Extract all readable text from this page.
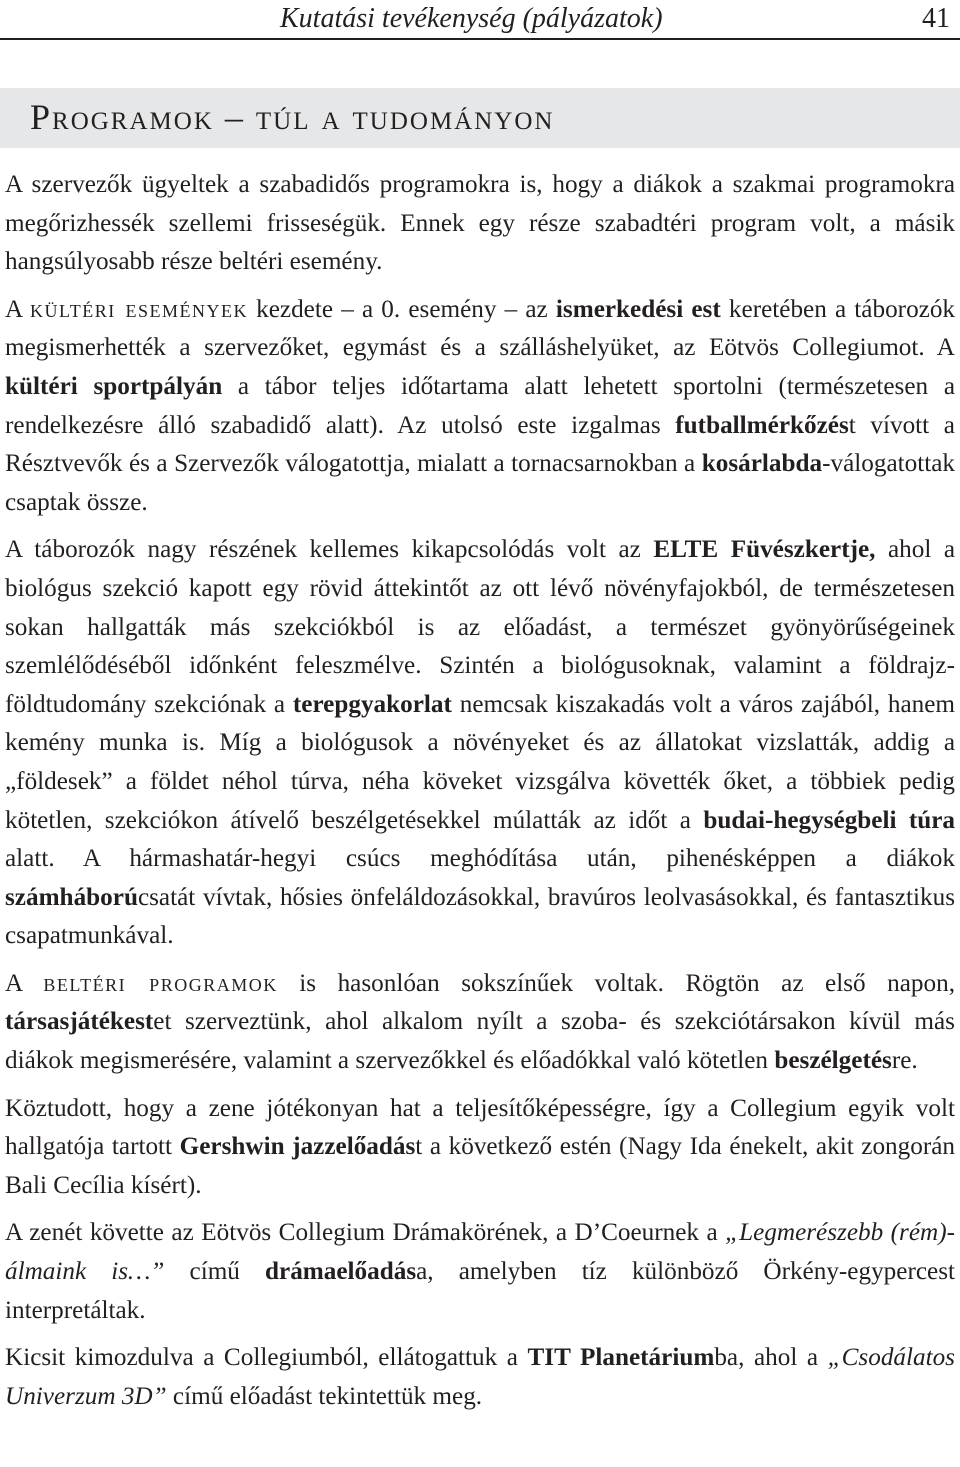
Kutatási tevékenység (pályázatok)	41
Programok – túl a tudományon

A szervezők ügyeltek a szabadidős programokra is, hogy a diákok a szakmai programokra megőrizhessék szellemi frisseségük. Ennek egy része szabadtéri program volt, a másik hangsúlyosabb része beltéri esemény.

A kültéri események kezdete – a 0. esemény – az ismerkedési est keretében a táborozók megismerhették a szervezőket, egymást és a szálláshelyüket, az Eötvös Collegiumot. A kültéri sportpályán a tábor teljes időtartama alatt lehetett sportolni (természetesen a rendelkezésre álló szabadidő alatt). Az utolsó este izgalmas futballmérkőzést vívott a Résztvevők és a Szervezők válogatottja, mialatt a tornacsarnokban a kosárlabda-válogatottak csaptak össze.

A táborozók nagy részének kellemes kikapcsolódás volt az ELTE Füvészkertje, ahol a biológus szekció kapott egy rövid áttekintőt az ott lévő növényfajokból, de természetesen sokan hallgatták más szekciókból is az előadást, a természet gyönyörűségeinek szemlélődéséből időnként feleszmélve. Szintén a biológusoknak, valamint a földrajz-földtudomány szekciónak a terepgyakorlat nemcsak kiszakadás volt a város zajából, hanem kemény munka is. Míg a biológusok a növényeket és az állatokat vizslatták, addig a „földesek” a földet néhol túrva, néha köveket vizsgálva követték őket, a többiek pedig kötetlen, szekciókon átívelő beszélgetésekkel múlatták az időt a budai-hegységbeli túra alatt. A hármashatár-hegyi csúcs meghódítása után, pihenésképpen a diákok számháborúcsatát vívtak, hősies önfeláldozásokkal, bravúros leolvasásokkal, és fantasztikus csapatmunkával.

A beltéri programok is hasonlóan sokszínűek voltak. Rögtön az első napon, társasjátékestet szerveztünk, ahol alkalom nyílt a szoba- és szekciótársakon kívül más diákok megismerésére, valamint a szervezőkkel és előadókkal való kötetlen beszélgetésre.

Köztudott, hogy a zene jótékonyan hat a teljesítőképességre, így a Collegium egyik volt hallgatója tartott Gershwin jazzelőadást a következő estén (Nagy Ida énekelt, akit zongorán Bali Cecília kísért).

A zenét követte az Eötvös Collegium Drámakörének, a D’Coeurnek a „Legmerészebb (rém)-álmaink is…” című drámaelőadása, amelyben tíz különböző Örkény-egypercest interpretáltak.

Kicsit kimozdulva a Collegiumból, ellátogattuk a TIT Planetáriumba, ahol a „Csodálatos Univerzum 3D” című előadást tekintettük meg.
